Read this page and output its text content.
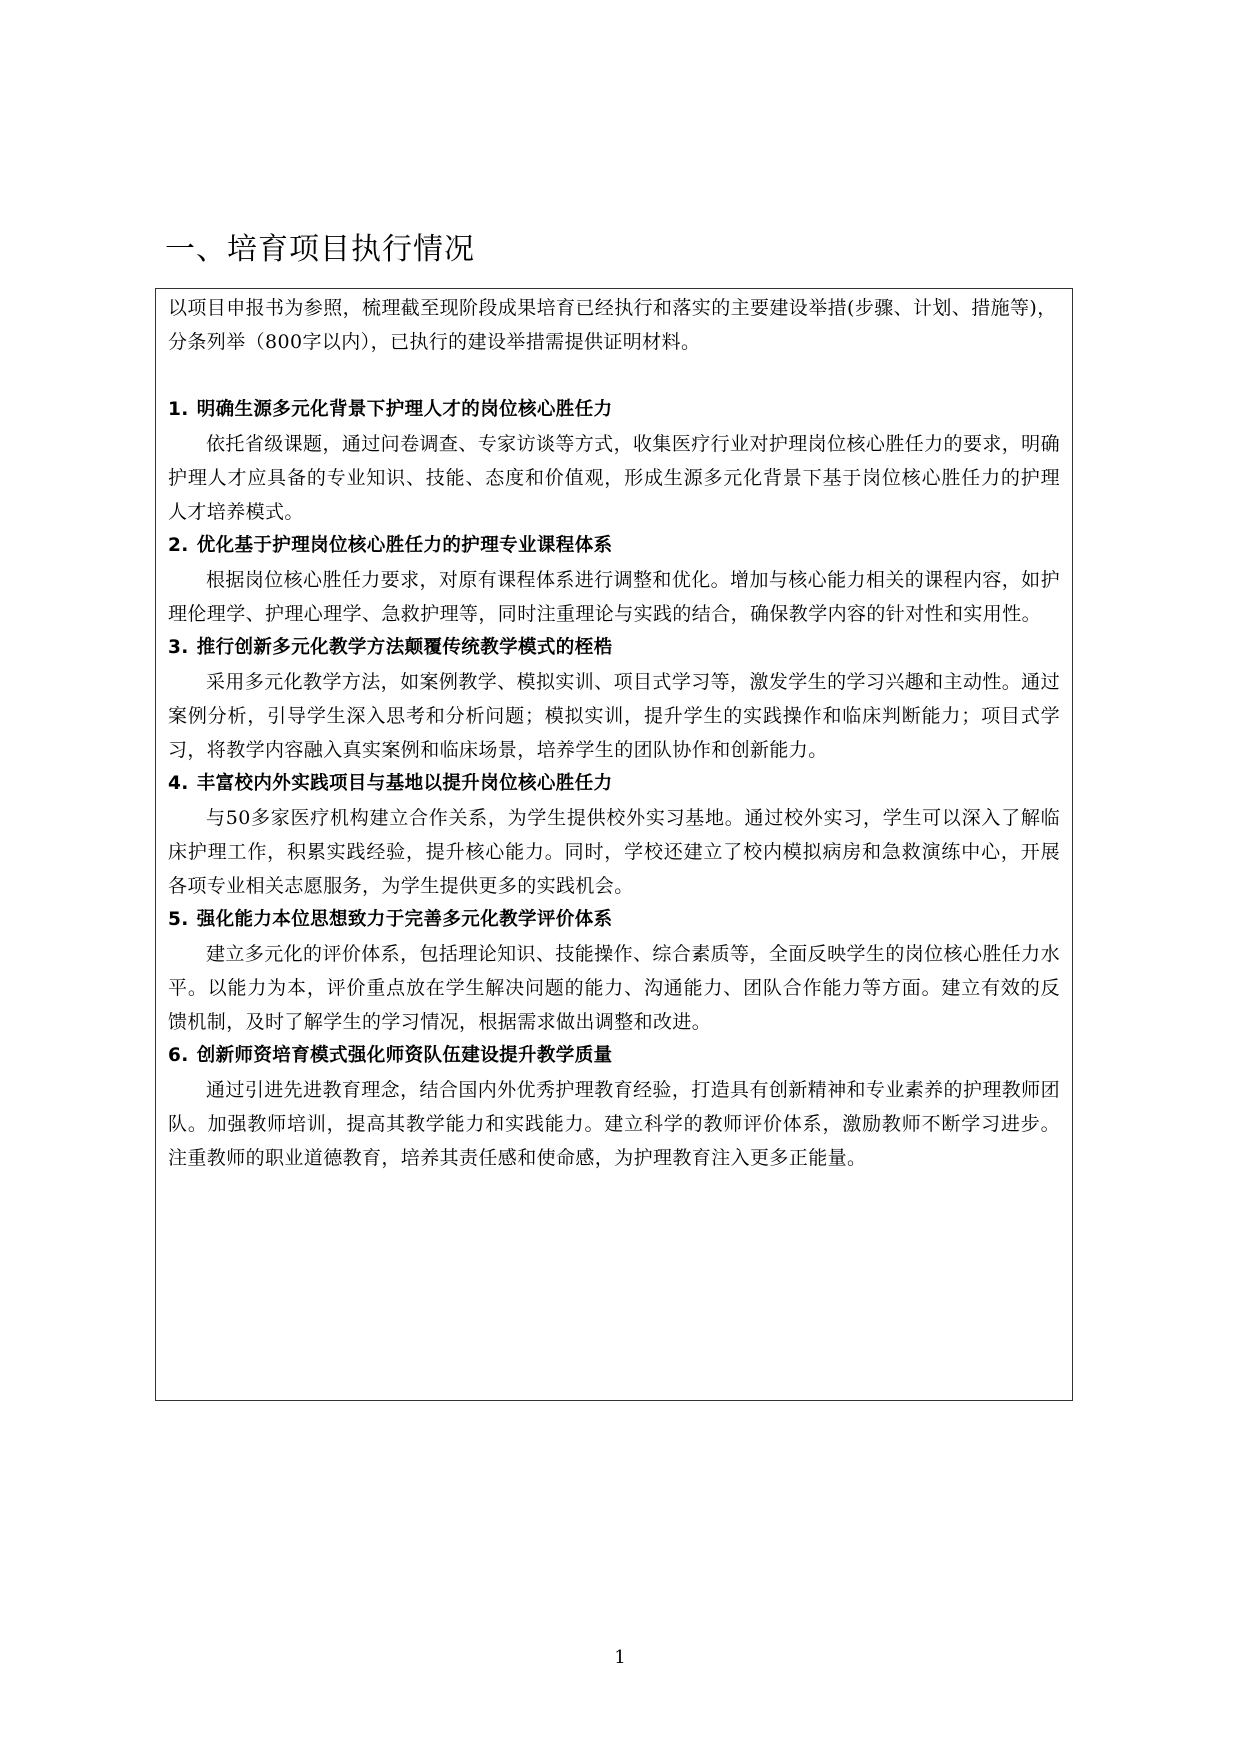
一、培育项目执行情况

以项目申报书为参照，梳理截至现阶段成果培育已经执行和落实的主要建设举措(步骤、计划、措施等)，分条列举（800字以内），已执行的建设举措需提供证明材料。

1. 明确生源多元化背景下护理人才的岗位核心胜任力

依托省级课题，通过问卷调查、专家访谈等方式，收集医疗行业对护理岗位核心胜任力的要求，明确护理人才应具备的专业知识、技能、态度和价值观，形成生源多元化背景下基于岗位核心胜任力的护理人才培养模式。

2. 优化基于护理岗位核心胜任力的护理专业课程体系

根据岗位核心胜任力要求，对原有课程体系进行调整和优化。增加与核心能力相关的课程内容，如护理伦理学、护理心理学、急救护理等，同时注重理论与实践的结合，确保教学内容的针对性和实用性。

3. 推行创新多元化教学方法颠覆传统教学模式的桎梏

采用多元化教学方法，如案例教学、模拟实训、项目式学习等，激发学生的学习兴趣和主动性。通过案例分析，引导学生深入思考和分析问题；模拟实训，提升学生的实践操作和临床判断能力；项目式学习，将教学内容融入真实案例和临床场景，培养学生的团队协作和创新能力。

4. 丰富校内外实践项目与基地以提升岗位核心胜任力

与50多家医疗机构建立合作关系，为学生提供校外实习基地。通过校外实习，学生可以深入了解临床护理工作，积累实践经验，提升核心能力。同时，学校还建立了校内模拟病房和急救演练中心，开展各项专业相关志愿服务，为学生提供更多的实践机会。

5. 强化能力本位思想致力于完善多元化教学评价体系

建立多元化的评价体系，包括理论知识、技能操作、综合素质等，全面反映学生的岗位核心胜任力水平。以能力为本，评价重点放在学生解决问题的能力、沟通能力、团队合作能力等方面。建立有效的反馈机制，及时了解学生的学习情况，根据需求做出调整和改进。

6. 创新师资培育模式强化师资队伍建设提升教学质量

通过引进先进教育理念，结合国内外优秀护理教育经验，打造具有创新精神和专业素养的护理教师团队。加强教师培训，提高其教学能力和实践能力。建立科学的教师评价体系，激励教师不断学习进步。注重教师的职业道德教育，培养其责任感和使命感，为护理教育注入更多正能量。

1
